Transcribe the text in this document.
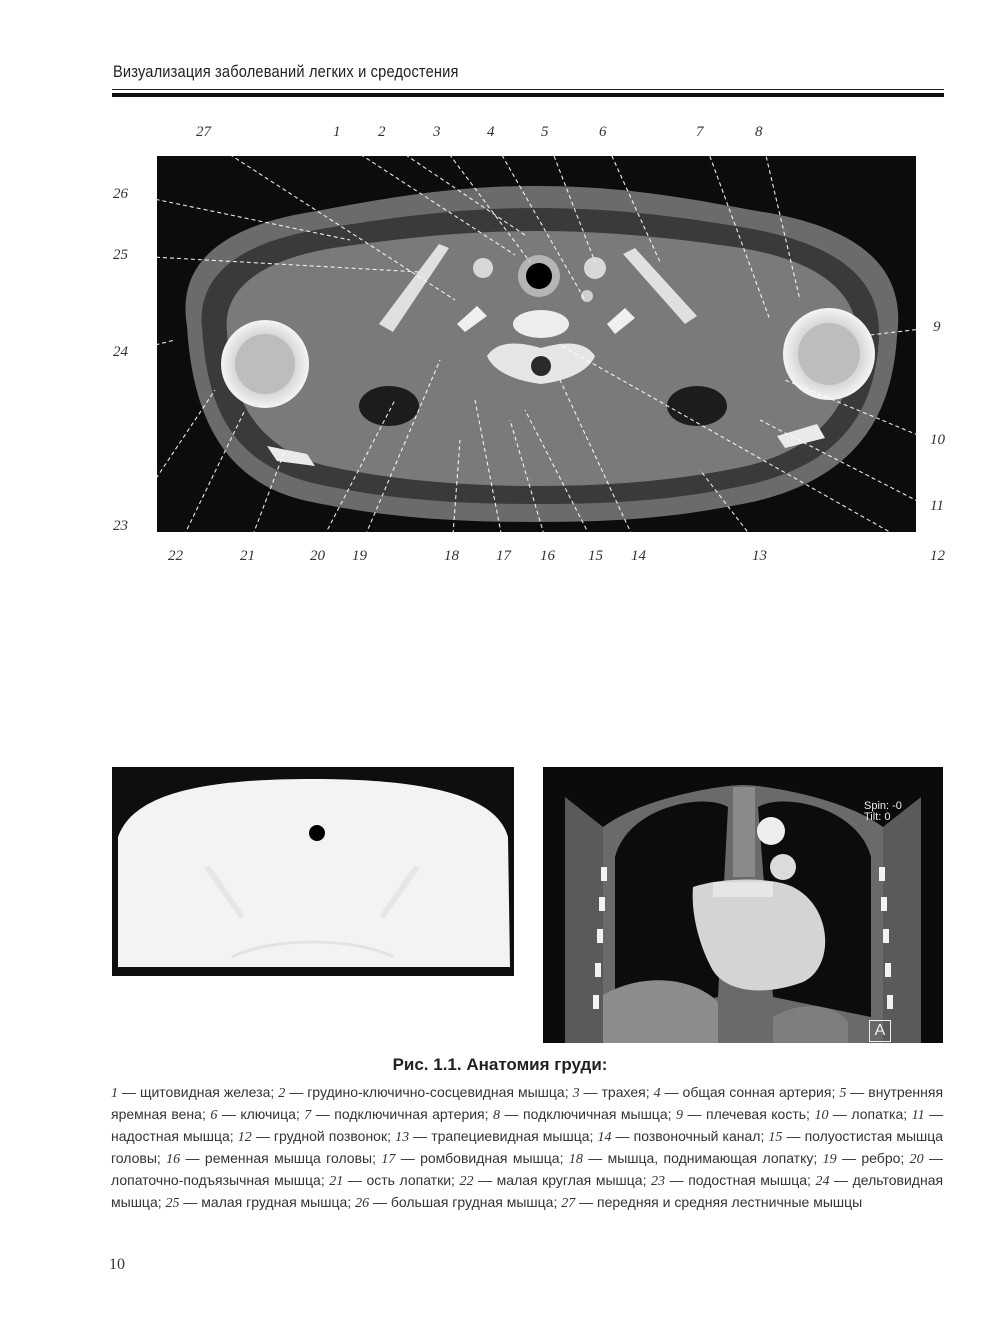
Визуализация заболеваний легких и средостения
27	1	2	3	4	5	6	7	8
9
10
11
12
13
14
15
16
17
18
19
20
21
22
23
24
25
26
Spin: -0
Tilt: 0
A
Рис. 1.1. Анатомия груди:
1 — щитовидная железа; 2 — грудино-ключично-сосцевидная мышца; 3 — трахея; 4 — общая сонная артерия; 5 — внутренняя яремная вена; 6 — ключица; 7 — подключичная артерия; 8 — подключичная мышца; 9 — плечевая кость; 10 — лопатка; 11 — надостная мышца; 12 — грудной позвонок; 13 — трапециевидная мышца; 14 — позвоночный канал; 15 — полуостистая мышца головы; 16 — ременная мышца головы; 17 — ромбовидная мышца; 18 — мышца, поднимающая лопатку; 19 — ребро; 20 — лопаточно-подъязычная мышца; 21 — ость лопатки; 22 — малая круглая мышца; 23 — подостная мышца; 24 — дельтовидная мышца; 25 — малая грудная мышца; 26 — большая грудная мышца; 27 — передняя и средняя лестничные мышцы
10
